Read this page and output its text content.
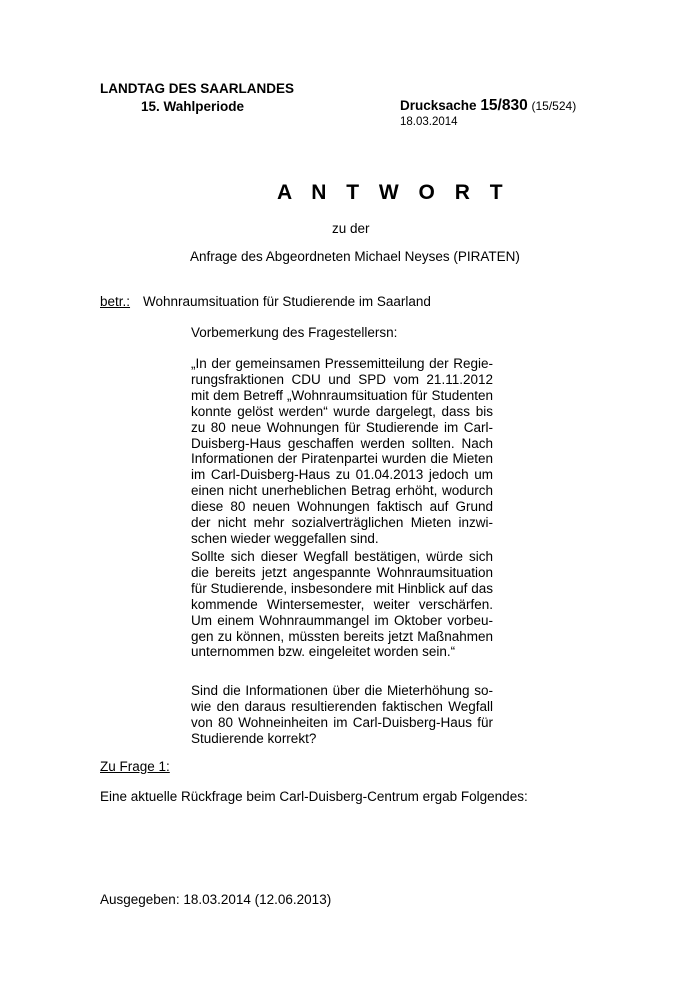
LANDTAG DES SAARLANDES
15. Wahlperiode	Drucksache 15/830 (15/524)
18.03.2014
A N T W O R T
zu der
Anfrage des Abgeordneten Michael Neyses (PIRATEN)
betr.: Wohnraumsituation für Studierende im Saarland
Vorbemerkung des Fragestellersn:

„In der gemeinsamen Pressemitteilung der Regierungsfraktionen CDU und SPD vom 21.11.2012 mit dem Betreff „Wohnraumsituation für Studenten konnte gelöst werden“ wurde dargelegt, dass bis zu 80 neue Wohnungen für Studierende im Carl-Duisberg-Haus geschaffen werden sollten. Nach Informationen der Piratenpartei wurden die Mieten im Carl-Duisberg-Haus zu 01.04.2013 jedoch um einen nicht unerheblichen Betrag erhöht, wodurch diese 80 neuen Wohnungen faktisch auf Grund der nicht mehr sozialverträglichen Mieten inzwischen wieder weggefallen sind.

Sollte sich dieser Wegfall bestätigen, würde sich die bereits jetzt angespannte Wohnraumsituation für Studierende, insbesondere mit Hinblick auf das kommende Wintersemester, weiter verschärfen. Um einem Wohnraummangel im Oktober vorbeugen zu können, müssten bereits jetzt Maßnahmen unternommen bzw. eingeleitet worden sein.“

Sind die Informationen über die Mieterhöhung sowie den daraus resultierenden faktischen Wegfall von 80 Wohneinheiten im Carl-Duisberg-Haus für Studierende korrekt?

Zu Frage 1:
Eine aktuelle Rückfrage beim Carl-Duisberg-Centrum ergab Folgendes:
Ausgegeben: 18.03.2014 (12.06.2013)
